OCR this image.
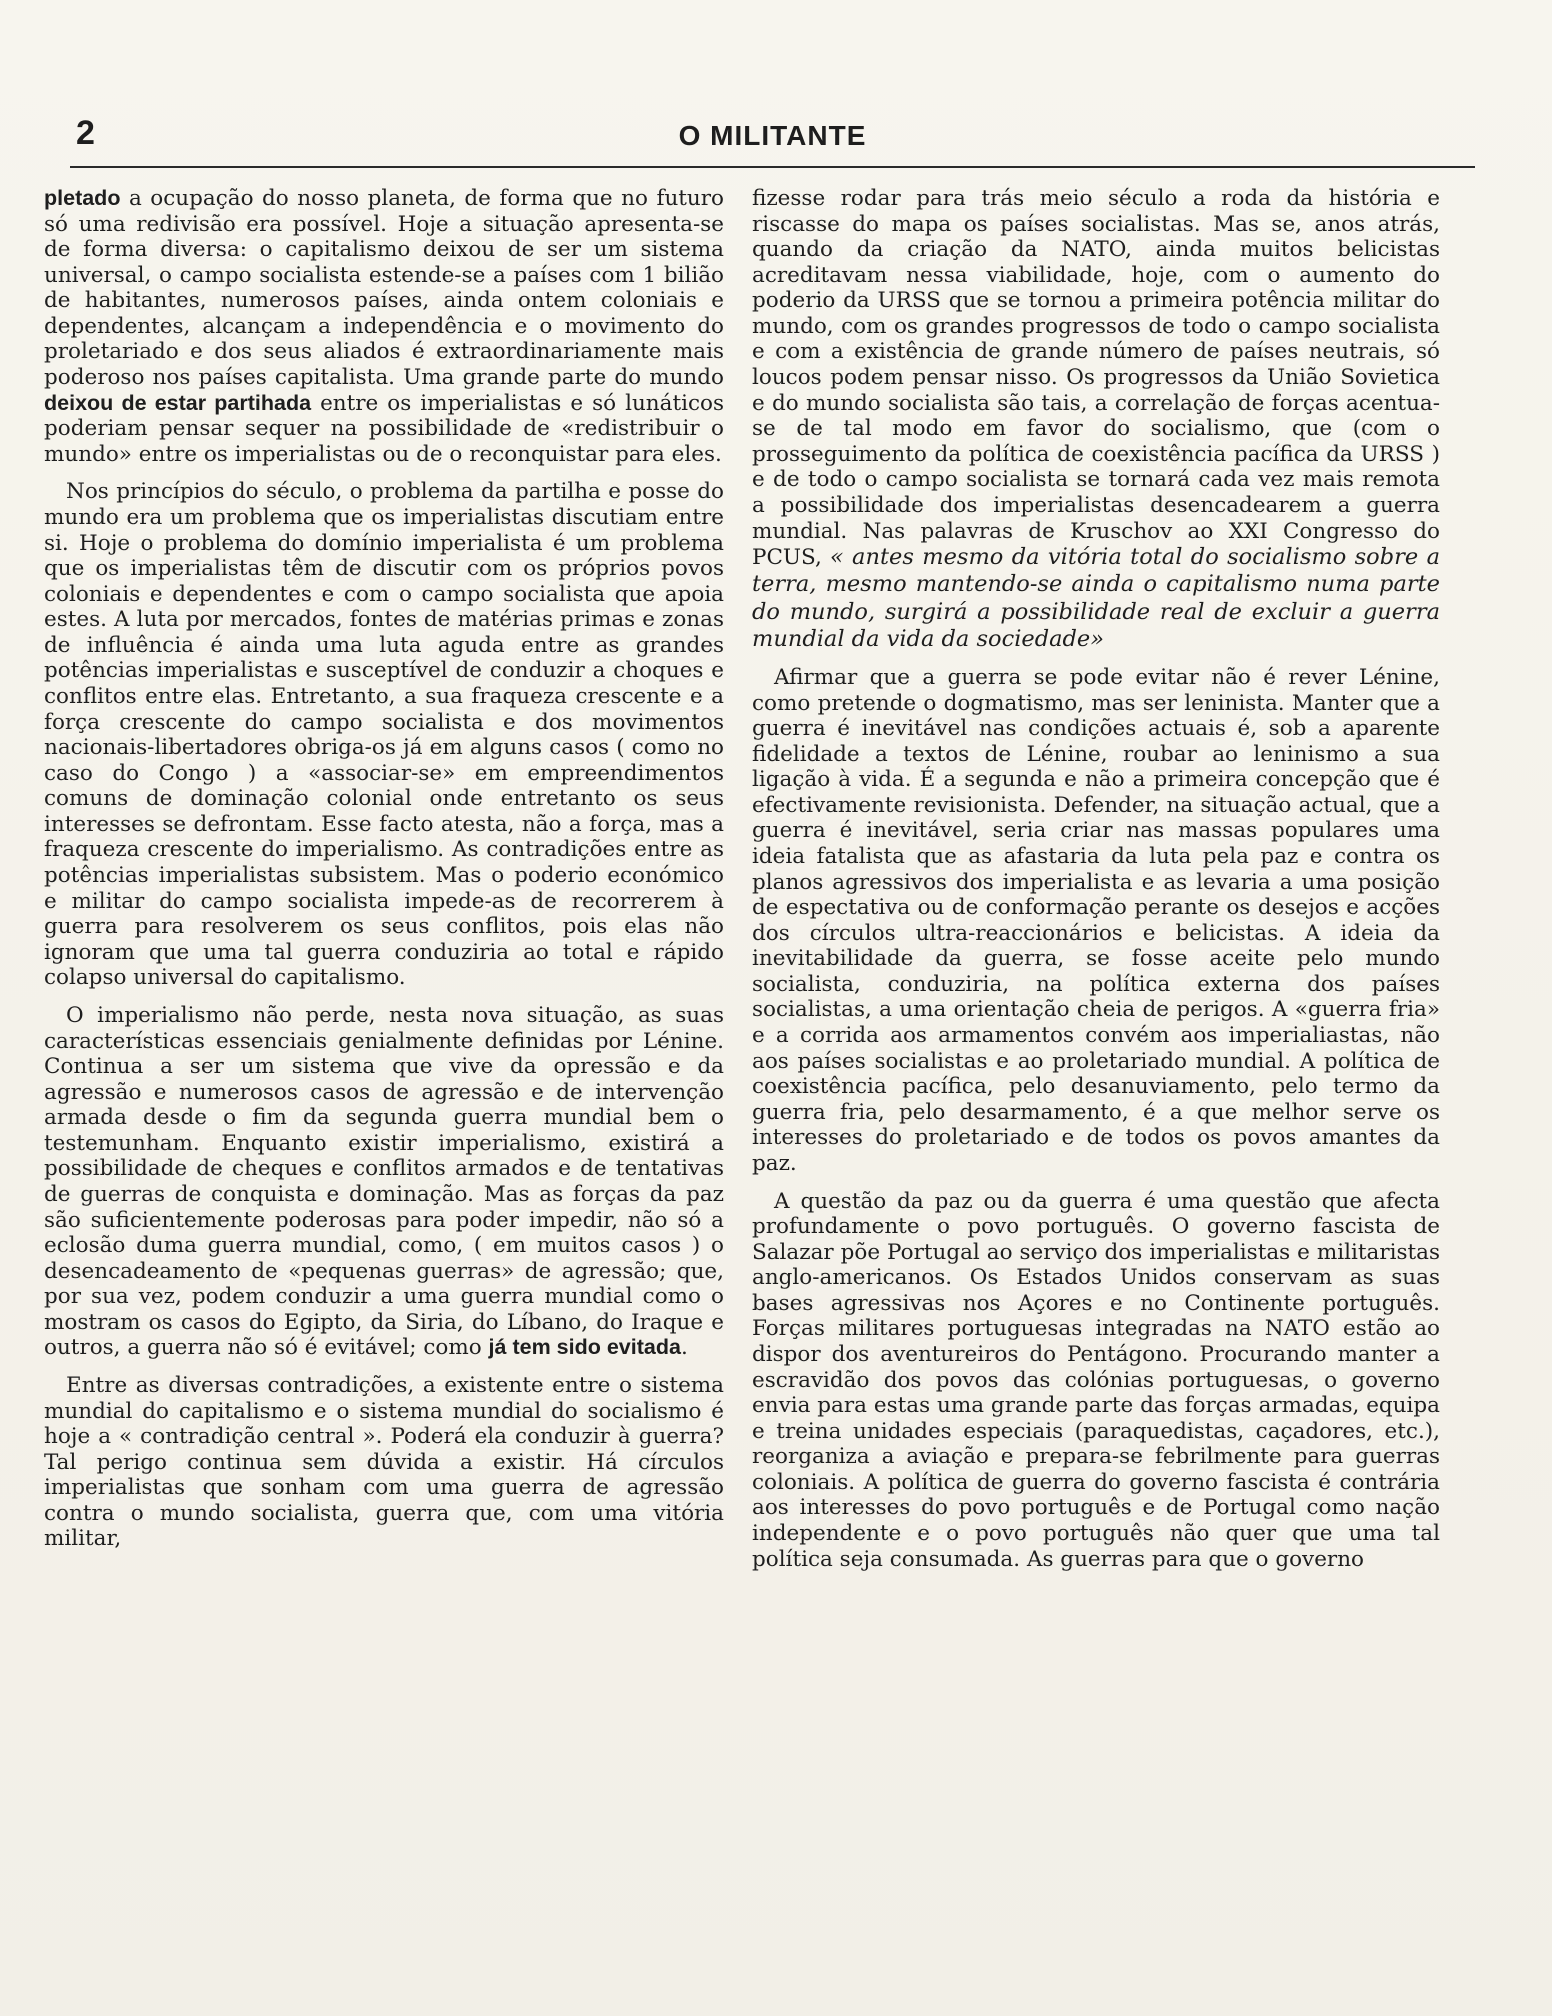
2	O MILITANTE

pletado a ocupação do nosso planeta, de forma que no futuro só uma redivisão era possível. Hoje a situação apresenta-se de forma diversa: o capitalismo deixou de ser um sistema universal, o campo socialista estende-se a países com 1 bilião de habitantes, numerosos países, ainda ontem coloniais e dependentes, alcançam a independência e o movimento do proletariado e dos seus aliados é extraordinariamente mais poderoso nos países capitalista. Uma grande parte do mundo deixou de estar partihada entre os imperialistas e só lunáticos poderiam pensar sequer na possibilidade de «redistribuir o mundo» entre os imperialistas ou de o reconquistar para eles.

Nos princípios do século, o problema da partilha e posse do mundo era um problema que os imperialistas discutiam entre si. Hoje o problema do domínio imperialista é um problema que os imperialistas têm de discutir com os próprios povos coloniais e dependentes e com o campo socialista que apoia estes. A luta por mercados, fontes de matérias primas e zonas de influência é ainda uma luta aguda entre as grandes potências imperialistas e susceptível de conduzir a choques e conflitos entre elas. Entretanto, a sua fraqueza crescente e a força crescente do campo socialista e dos movimentos nacionais-libertadores obriga-os já em alguns casos ( como no caso do Congo ) a «associar-se» em empreendimentos comuns de dominação colonial onde entretanto os seus interesses se defrontam. Esse facto atesta, não a força, mas a fraqueza crescente do imperialismo. As contradições entre as potências imperialistas subsistem. Mas o poderio económico e militar do campo socialista impede-as de recorrerem à guerra para resolverem os seus conflitos, pois elas não ignoram que uma tal guerra conduziria ao total e rápido colapso universal do capitalismo.

O imperialismo não perde, nesta nova situação, as suas características essenciais genialmente definidas por Lénine. Continua a ser um sistema que vive da opressão e da agressão e numerosos casos de agressão e de intervenção armada desde o fim da segunda guerra mundial bem o testemunham. Enquanto existir imperialismo, existirá a possibilidade de cheques e conflitos armados e de tentativas de guerras de conquista e dominação. Mas as forças da paz são suficientemente poderosas para poder impedir, não só a eclosão duma guerra mundial, como, ( em muitos casos ) o desencadeamento de «pequenas guerras» de agressão; que, por sua vez, podem conduzir a uma guerra mundial como o mostram os casos do Egipto, da Siria, do Líbano, do Iraque e outros, a guerra não só é evitável; como já tem sido evitada.

Entre as diversas contradições, a existente entre o sistema mundial do capitalismo e o sistema mundial do socialismo é hoje a « contradição central ». Poderá ela conduzir à guerra? Tal perigo continua sem dúvida a existir. Há círculos imperialistas que sonham com uma guerra de agressão contra o mundo socialista, guerra que, com uma vitória militar,

fizesse rodar para trás meio século a roda da história e riscasse do mapa os países socialistas. Mas se, anos atrás, quando da criação da NATO, ainda muitos belicistas acreditavam nessa viabilidade, hoje, com o aumento do poderio da URSS que se tornou a primeira potência militar do mundo, com os grandes progressos de todo o campo socialista e com a existência de grande número de países neutrais, só loucos podem pensar nisso. Os progressos da União Sovietica e do mundo socialista são tais, a correlação de forças acentua-se de tal modo em favor do socialismo, que (com o prosseguimento da política de coexistência pacífica da URSS ) e de todo o campo socialista se tornará cada vez mais remota a possibilidade dos imperialistas desencadearem a guerra mundial. Nas palavras de Kruschov ao XXI Congresso do PCUS, « antes mesmo da vitória total do socialismo sobre a terra, mesmo mantendo-se ainda o capitalismo numa parte do mundo, surgirá a possibilidade real de excluir a guerra mundial da vida da sociedade»

Afirmar que a guerra se pode evitar não é rever Lénine, como pretende o dogmatismo, mas ser leninista. Manter que a guerra é inevitável nas condições actuais é, sob a aparente fidelidade a textos de Lénine, roubar ao leninismo a sua ligação à vida. É a segunda e não a primeira concepção que é efectivamente revisionista. Defender, na situação actual, que a guerra é inevitável, seria criar nas massas populares uma ideia fatalista que as afastaria da luta pela paz e contra os planos agressivos dos imperialista e as levaria a uma posição de espectativa ou de conformação perante os desejos e acções dos círculos ultra-reaccionários e belicistas. A ideia da inevitabilidade da guerra, se fosse aceite pelo mundo socialista, conduziria, na política externa dos países socialistas, a uma orientação cheia de perigos. A «guerra fria» e a corrida aos armamentos convém aos imperialiastas, não aos países socialistas e ao proletariado mundial. A política de coexistência pacífica, pelo desanuviamento, pelo termo da guerra fria, pelo desarmamento, é a que melhor serve os interesses do proletariado e de todos os povos amantes da paz.

A questão da paz ou da guerra é uma questão que afecta profundamente o povo português. O governo fascista de Salazar põe Portugal ao serviço dos imperialistas e militaristas anglo-americanos. Os Estados Unidos conservam as suas bases agressivas nos Açores e no Continente português. Forças militares portuguesas integradas na NATO estão ao dispor dos aventureiros do Pentágono. Procurando manter a escravidão dos povos das colónias portuguesas, o governo envia para estas uma grande parte das forças armadas, equipa e treina unidades especiais (paraquedistas, caçadores, etc.), reorganiza a aviação e prepara-se febrilmente para guerras coloniais. A política de guerra do governo fascista é contrária aos interesses do povo português e de Portugal como nação independente e o povo português não quer que uma tal política seja consumada. As guerras para que o governo
